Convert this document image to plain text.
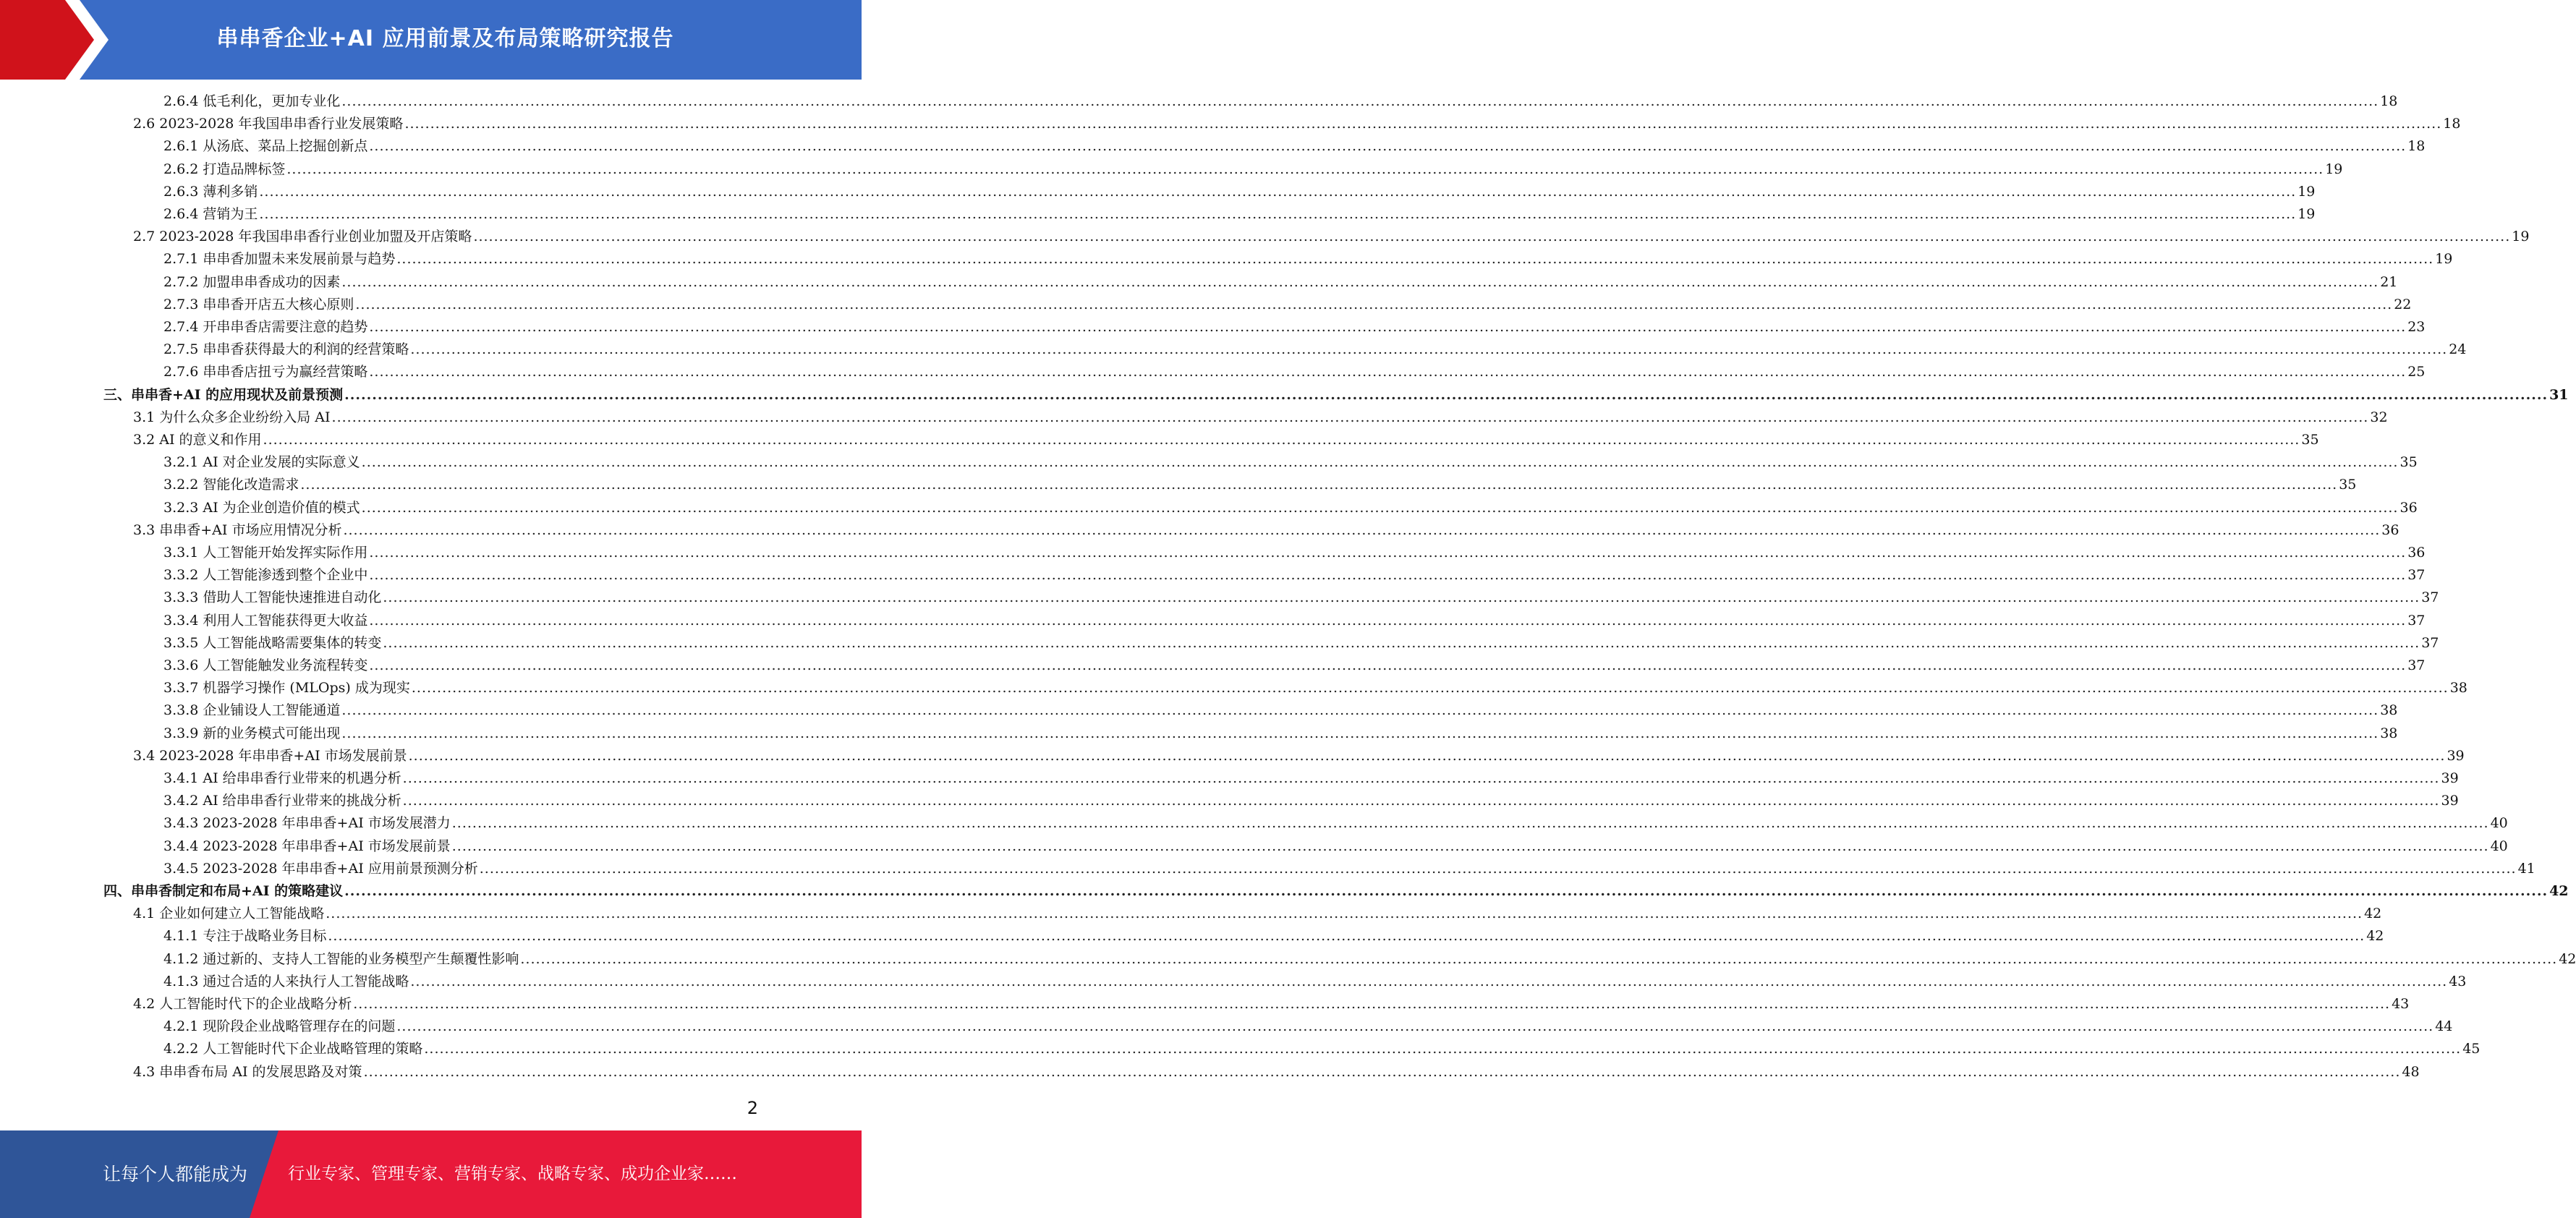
串串香企业+AI 应用前景及布局策略研究报告
2.6.4 低毛利化，更加专业化 ................................................................................................................................................................................................................................................................................................................................................................................................................ 18
2.6 2023-2028 年我国串串香行业发展策略 ................................................................................................................................................................................................................................................................................................................................................................................................................ 18
2.6.1 从汤底、菜品上挖掘创新点 ................................................................................................................................................................................................................................................................................................................................................................................................................ 18
2.6.2 打造品牌标签 ................................................................................................................................................................................................................................................................................................................................................................................................................ 19
2.6.3 薄利多销 ................................................................................................................................................................................................................................................................................................................................................................................................................ 19
2.6.4 营销为王 ................................................................................................................................................................................................................................................................................................................................................................................................................ 19
2.7 2023-2028 年我国串串香行业创业加盟及开店策略 ................................................................................................................................................................................................................................................................................................................................................................................................................ 19
2.7.1 串串香加盟未来发展前景与趋势 ................................................................................................................................................................................................................................................................................................................................................................................................................ 19
2.7.2 加盟串串香成功的因素 ................................................................................................................................................................................................................................................................................................................................................................................................................ 21
2.7.3 串串香开店五大核心原则 ................................................................................................................................................................................................................................................................................................................................................................................................................ 22
2.7.4 开串串香店需要注意的趋势 ................................................................................................................................................................................................................................................................................................................................................................................................................ 23
2.7.5 串串香获得最大的利润的经营策略 ................................................................................................................................................................................................................................................................................................................................................................................................................ 24
2.7.6 串串香店扭亏为赢经营策略 ................................................................................................................................................................................................................................................................................................................................................................................................................ 25
三、串串香+AI 的应用现状及前景预测 ................................................................................................................................................................................................................................................................................................................................................................................................................ 31
3.1 为什么众多企业纷纷入局 AI ................................................................................................................................................................................................................................................................................................................................................................................................................ 32
3.2 AI 的意义和作用 ................................................................................................................................................................................................................................................................................................................................................................................................................ 35
3.2.1 AI 对企业发展的实际意义 ................................................................................................................................................................................................................................................................................................................................................................................................................ 35
3.2.2 智能化改造需求 ................................................................................................................................................................................................................................................................................................................................................................................................................ 35
3.2.3 AI 为企业创造价值的模式 ................................................................................................................................................................................................................................................................................................................................................................................................................ 36
3.3 串串香+AI 市场应用情况分析 ................................................................................................................................................................................................................................................................................................................................................................................................................ 36
3.3.1 人工智能开始发挥实际作用 ................................................................................................................................................................................................................................................................................................................................................................................................................ 36
3.3.2 人工智能渗透到整个企业中 ................................................................................................................................................................................................................................................................................................................................................................................................................ 37
3.3.3 借助人工智能快速推进自动化 ................................................................................................................................................................................................................................................................................................................................................................................................................ 37
3.3.4 利用人工智能获得更大收益 ................................................................................................................................................................................................................................................................................................................................................................................................................ 37
3.3.5 人工智能战略需要集体的转变 ................................................................................................................................................................................................................................................................................................................................................................................................................ 37
3.3.6 人工智能触发业务流程转变 ................................................................................................................................................................................................................................................................................................................................................................................................................ 37
3.3.7 机器学习操作 (MLOps) 成为现实 ................................................................................................................................................................................................................................................................................................................................................................................................................ 38
3.3.8 企业铺设人工智能通道 ................................................................................................................................................................................................................................................................................................................................................................................................................ 38
3.3.9 新的业务模式可能出现 ................................................................................................................................................................................................................................................................................................................................................................................................................ 38
3.4 2023-2028 年串串香+AI 市场发展前景 ................................................................................................................................................................................................................................................................................................................................................................................................................ 39
3.4.1 AI 给串串香行业带来的机遇分析 ................................................................................................................................................................................................................................................................................................................................................................................................................ 39
3.4.2 AI 给串串香行业带来的挑战分析 ................................................................................................................................................................................................................................................................................................................................................................................................................ 39
3.4.3 2023-2028 年串串香+AI 市场发展潜力 ................................................................................................................................................................................................................................................................................................................................................................................................................ 40
3.4.4 2023-2028 年串串香+AI 市场发展前景 ................................................................................................................................................................................................................................................................................................................................................................................................................ 40
3.4.5 2023-2028 年串串香+AI 应用前景预测分析 ................................................................................................................................................................................................................................................................................................................................................................................................................ 41
四、串串香制定和布局+AI 的策略建议 ................................................................................................................................................................................................................................................................................................................................................................................................................ 42
4.1 企业如何建立人工智能战略 ................................................................................................................................................................................................................................................................................................................................................................................................................ 42
4.1.1 专注于战略业务目标 ................................................................................................................................................................................................................................................................................................................................................................................................................ 42
4.1.2 通过新的、支持人工智能的业务模型产生颠覆性影响 ................................................................................................................................................................................................................................................................................................................................................................................................................ 42
4.1.3 通过合适的人来执行人工智能战略 ................................................................................................................................................................................................................................................................................................................................................................................................................ 43
4.2 人工智能时代下的企业战略分析 ................................................................................................................................................................................................................................................................................................................................................................................................................ 43
4.2.1 现阶段企业战略管理存在的问题 ................................................................................................................................................................................................................................................................................................................................................................................................................ 44
4.2.2 人工智能时代下企业战略管理的策略 ................................................................................................................................................................................................................................................................................................................................................................................................................ 45
4.3 串串香布局 AI 的发展思路及对策 ................................................................................................................................................................................................................................................................................................................................................................................................................ 48
2
让每个人都能成为 行业专家、管理专家、营销专家、战略专家、成功企业家……
